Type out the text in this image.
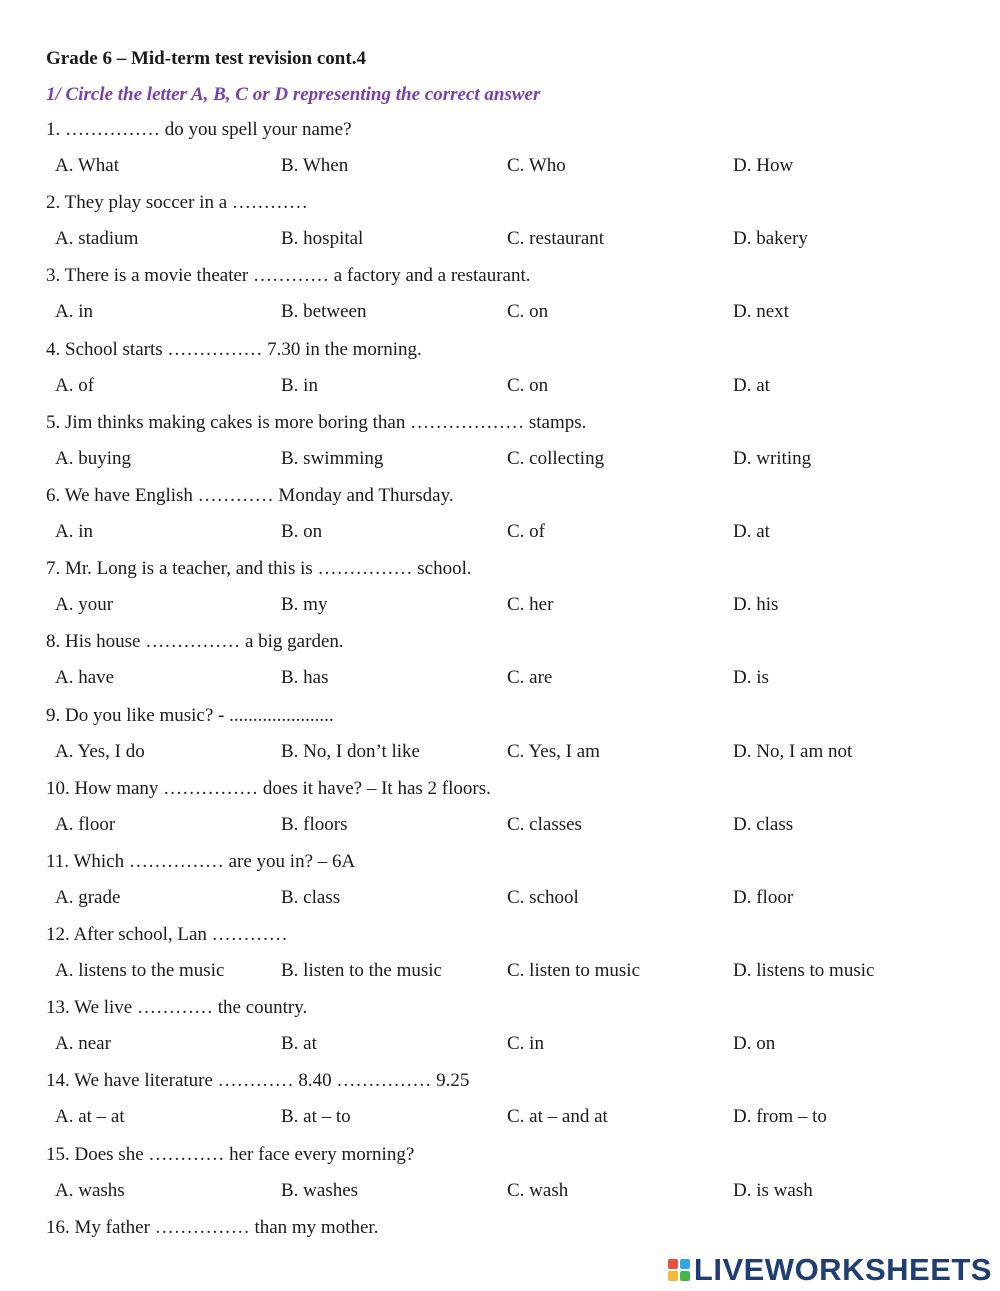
Grade 6 – Mid-term test revision cont.4
1/ Circle the letter A, B, C or D representing the correct answer
1. …………… do you spell your name?
A. What	B. When	C. Who	D. How
2. They play soccer in a …………
A. stadium	B. hospital	C. restaurant	D. bakery
3. There is a movie theater ………… a factory and a restaurant.
A. in	B. between	C. on	D. next
4. School starts …………… 7.30 in the morning.
A. of	B. in	C. on	D. at
5. Jim thinks making cakes is more boring than ……………… stamps.
A. buying	B. swimming	C. collecting	D. writing
6. We have English ………… Monday and Thursday.
A. in	B. on	C. of	D. at
7. Mr. Long is a teacher, and this is …………… school.
A. your	B. my	C. her	D. his
8. His house …………… a big garden.
A. have	B. has	C. are	D. is
9. Do you like music? - ......................
A. Yes, I do	B. No, I don’t like	C. Yes, I am	D. No, I am not
10. How many …………… does it have? – It has 2 floors.
A. floor	B. floors	C. classes	D. class
11. Which …………… are you in? – 6A
A. grade	B. class	C. school	D. floor
12. After school, Lan …………
A. listens to the music	B. listen to the music	C. listen to music	D. listens to music
13. We live ………… the country.
A. near	B. at	C. in	D. on
14. We have literature ………… 8.40 …………… 9.25
A. at – at	B. at – to	C. at – and at	D. from – to
15. Does she ………… her face every morning?
A. washs	B. washes	C. wash	D. is wash
16. My father …………… than my mother.
LIVEWORKSHEETS
